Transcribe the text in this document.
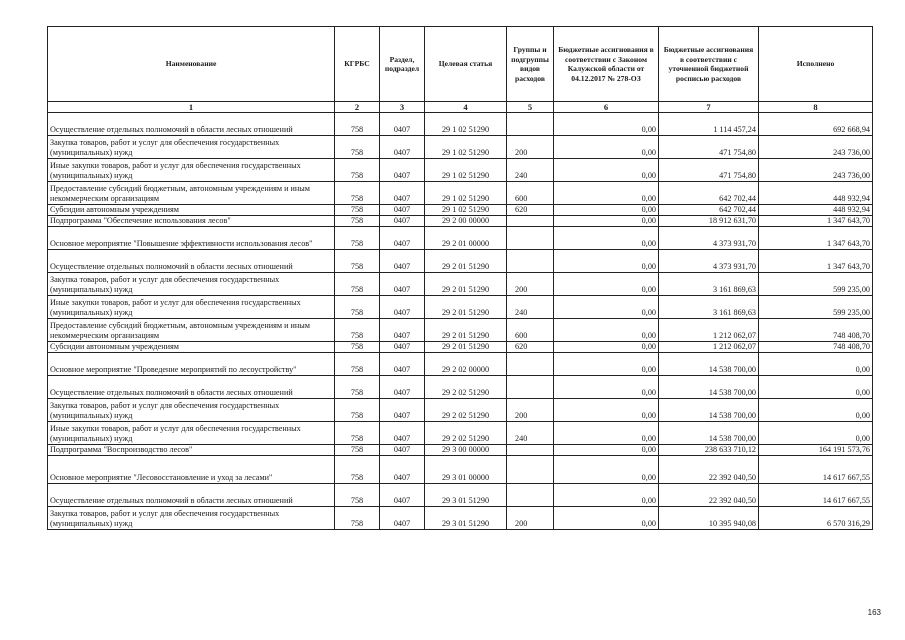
Наименование	КГРБС	Раздел, подраздел	Целевая статья	Группы и подгруппы видов расходов	Бюджетные ассигнования в соответствии с Законом Калужской области от 04.12.2017 № 278-ОЗ	Бюджетные ассигнования в соответствии с уточненной бюджетной росписью расходов	Исполнено
1	2	3	4	5	6	7	8
Осуществление отдельных полномочий в области лесных отношений	758	0407	29 1 02 51290		0,00	1 114 457,24	692 668,94
Закупка товаров, работ и услуг для обеспечения государственных (муниципальных) нужд	758	0407	29 1 02 51290	200	0,00	471 754,80	243 736,00
Иные закупки товаров, работ и услуг для обеспечения государственных (муниципальных) нужд	758	0407	29 1 02 51290	240	0,00	471 754,80	243 736,00
Предоставление субсидий бюджетным, автономным учреждениям и иным некоммерческим организациям	758	0407	29 1 02 51290	600	0,00	642 702,44	448 932,94
Субсидии автономным учреждениям	758	0407	29 1 02 51290	620	0,00	642 702,44	448 932,94
Подпрограмма "Обеспечение использования лесов"	758	0407	29 2 00 00000		0,00	18 912 631,70	1 347 643,70
Основное мероприятие "Повышение эффективности использования лесов"	758	0407	29 2 01 00000		0,00	4 373 931,70	1 347 643,70
Осуществление отдельных полномочий в области лесных отношений	758	0407	29 2 01 51290		0,00	4 373 931,70	1 347 643,70
Закупка товаров, работ и услуг для обеспечения государственных (муниципальных) нужд	758	0407	29 2 01 51290	200	0,00	3 161 869,63	599 235,00
Иные закупки товаров, работ и услуг для обеспечения государственных (муниципальных) нужд	758	0407	29 2 01 51290	240	0,00	3 161 869,63	599 235,00
Предоставление субсидий бюджетным, автономным учреждениям и иным некоммерческим организациям	758	0407	29 2 01 51290	600	0,00	1 212 062,07	748 408,70
Субсидии автономным учреждениям	758	0407	29 2 01 51290	620	0,00	1 212 062,07	748 408,70
Основное мероприятие "Проведение мероприятий по лесоустройству"	758	0407	29 2 02 00000		0,00	14 538 700,00	0,00
Осуществление отдельных полномочий в области лесных отношений	758	0407	29 2 02 51290		0,00	14 538 700,00	0,00
Закупка товаров, работ и услуг для обеспечения государственных (муниципальных) нужд	758	0407	29 2 02 51290	200	0,00	14 538 700,00	0,00
Иные закупки товаров, работ и услуг для обеспечения государственных (муниципальных) нужд	758	0407	29 2 02 51290	240	0,00	14 538 700,00	0,00
Подпрограмма "Воспроизводство лесов"	758	0407	29 3 00 00000		0,00	238 633 710,12	164 191 573,76
Основное мероприятие "Лесовосстановление и уход за лесами"	758	0407	29 3 01 00000		0,00	22 392 040,50	14 617 667,55
Осуществление отдельных полномочий в области лесных отношений	758	0407	29 3 01 51290		0,00	22 392 040,50	14 617 667,55
Закупка товаров, работ и услуг для обеспечения государственных (муниципальных) нужд	758	0407	29 3 01 51290	200	0,00	10 395 940,08	6 570 316,29
163
